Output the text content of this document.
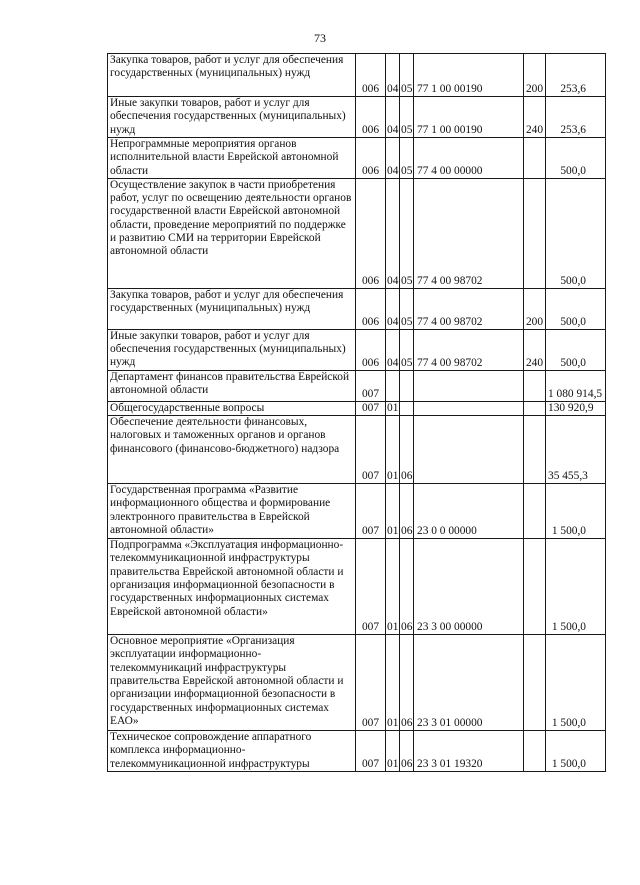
73
Закупка товаров, работ и услуг для обеспечения государственных (муниципальных) нужд	006	04	05	77 1 00 00190	200	253,6
Иные закупки товаров, работ и услуг для обеспечения государственных (муниципальных) нужд	006	04	05	77 1 00 00190	240	253,6
Непрограммные мероприятия органов исполнительной власти Еврейской автономной области	006	04	05	77 4 00 00000		500,0
Осуществление закупок в части приобретения работ, услуг по освещению деятельности органов государственной власти Еврейской автономной области, проведение мероприятий по поддержке и развитию СМИ на территории Еврейской автономной области	006	04	05	77 4 00 98702		500,0
Закупка товаров, работ и услуг для обеспечения государственных (муниципальных) нужд	006	04	05	77 4 00 98702	200	500,0
Иные закупки товаров, работ и услуг для обеспечения государственных (муниципальных) нужд	006	04	05	77 4 00 98702	240	500,0
Департамент финансов правительства Еврейской автономной области	007					1 080 914,5
Общегосударственные вопросы	007	01				130 920,9
Обеспечение деятельности финансовых, налоговых и таможенных органов и органов финансового (финансово-бюджетного) надзора	007	01	06			35 455,3
Государственная программа «Развитие информационного общества и формирование электронного правительства в Еврейской автономной области»	007	01	06	23 0 0 00000		1 500,0
Подпрограмма «Эксплуатация информационно-телекоммуникационной инфраструктуры правительства Еврейской автономной области и организация информационной безопасности в государственных информационных системах Еврейской автономной области»	007	01	06	23 3 00 00000		1 500,0
Основное мероприятие «Организация эксплуатации информационно-телекоммуникаций инфраструктуры правительства Еврейской автономной области и организации информационной безопасности в государственных информационных системах ЕАО»	007	01	06	23 3 01 00000		1 500,0
Техническое сопровождение аппаратного комплекса информационно-телекоммуникационной инфраструктуры	007	01	06	23 3 01 19320		1 500,0
